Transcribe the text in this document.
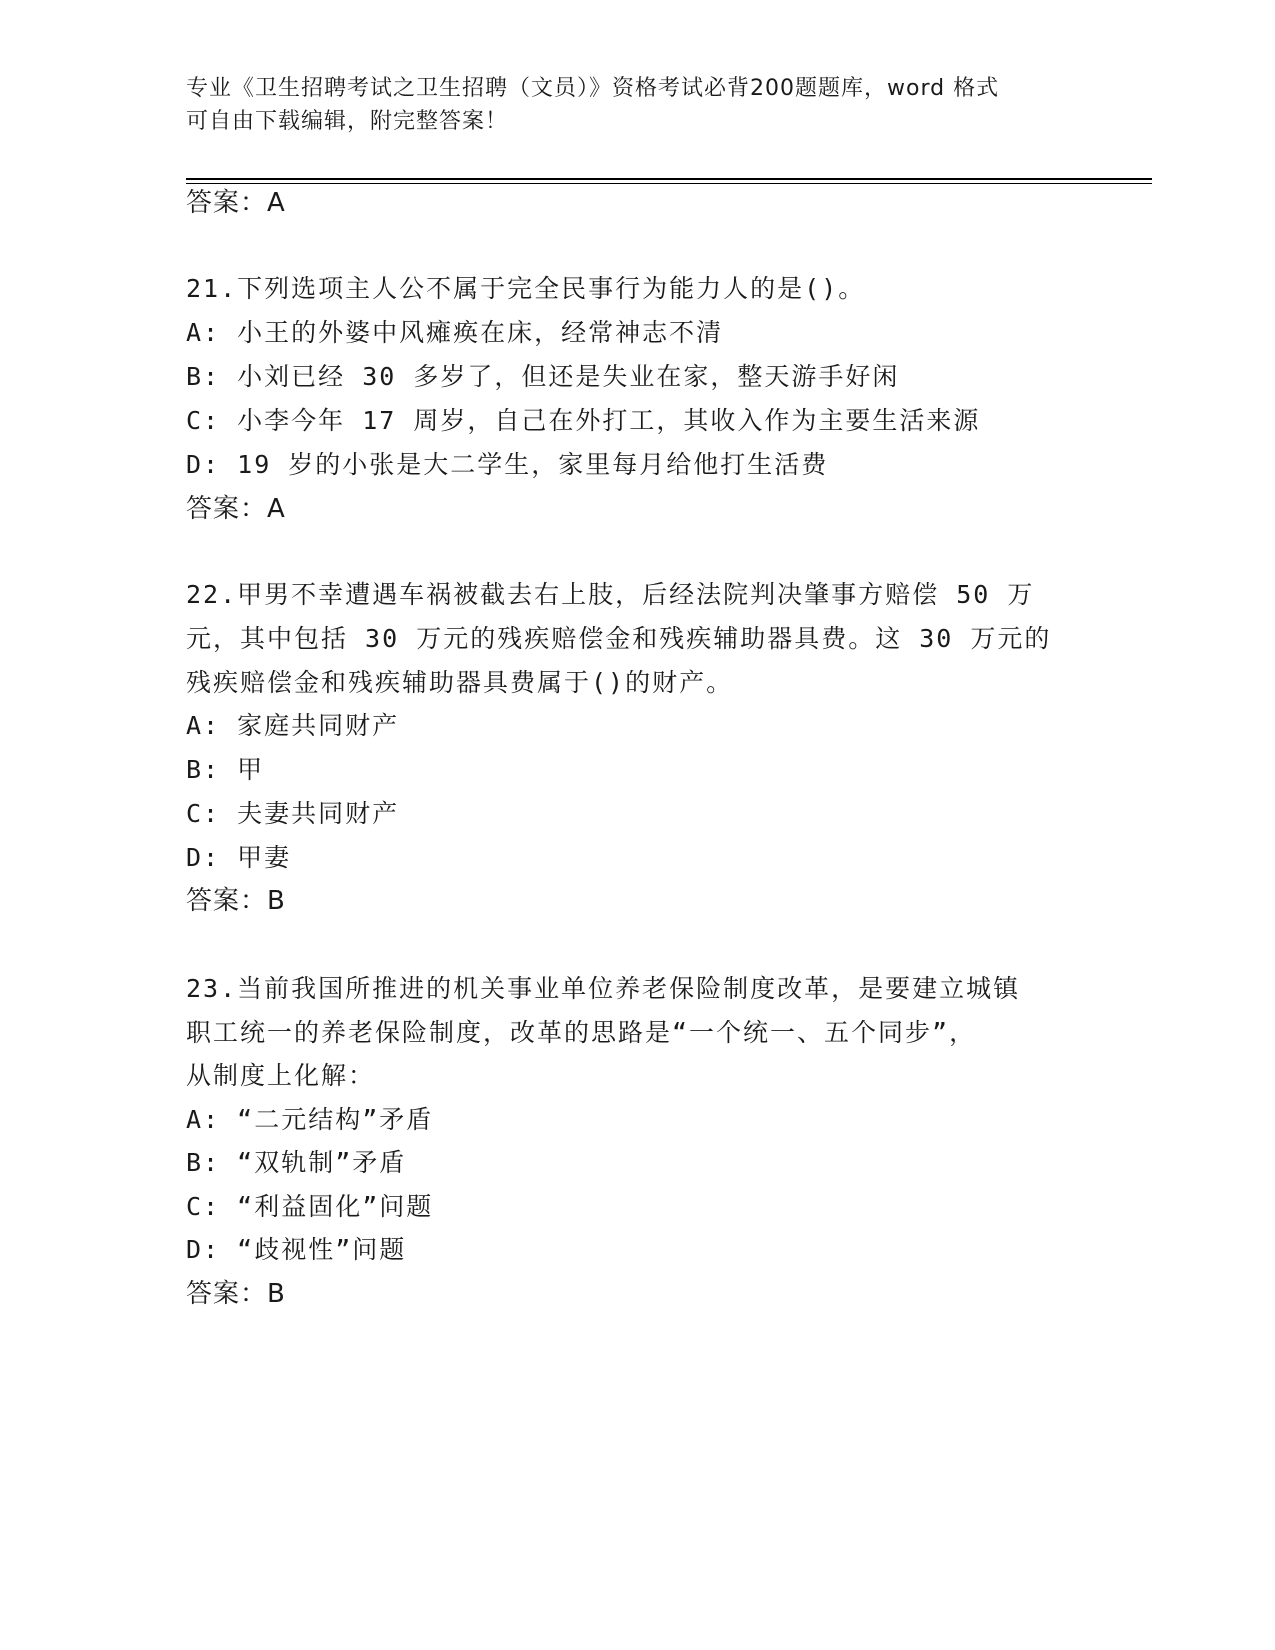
专业《卫生招聘考试之卫生招聘（文员）》资格考试必背200题题库，word 格式
可自由下载编辑，附完整答案！
答案：A
21.下列选项主人公不属于完全民事行为能力人的是()。
A: 小王的外婆中风瘫痪在床，经常神志不清
B: 小刘已经 30 多岁了，但还是失业在家，整天游手好闲
C: 小李今年 17 周岁，自己在外打工，其收入作为主要生活来源
D: 19 岁的小张是大二学生，家里每月给他打生活费
答案：A
22.甲男不幸遭遇车祸被截去右上肢，后经法院判决肇事方赔偿 50 万
元，其中包括 30 万元的残疾赔偿金和残疾辅助器具费。这 30 万元的
残疾赔偿金和残疾辅助器具费属于()的财产。
A: 家庭共同财产
B: 甲
C: 夫妻共同财产
D: 甲妻
答案：B
23.当前我国所推进的机关事业单位养老保险制度改革，是要建立城镇
职工统一的养老保险制度，改革的思路是“一个统一、五个同步”，
从制度上化解：
A: “二元结构”矛盾
B: “双轨制”矛盾
C: “利益固化”问题
D: “歧视性”问题
答案：B
